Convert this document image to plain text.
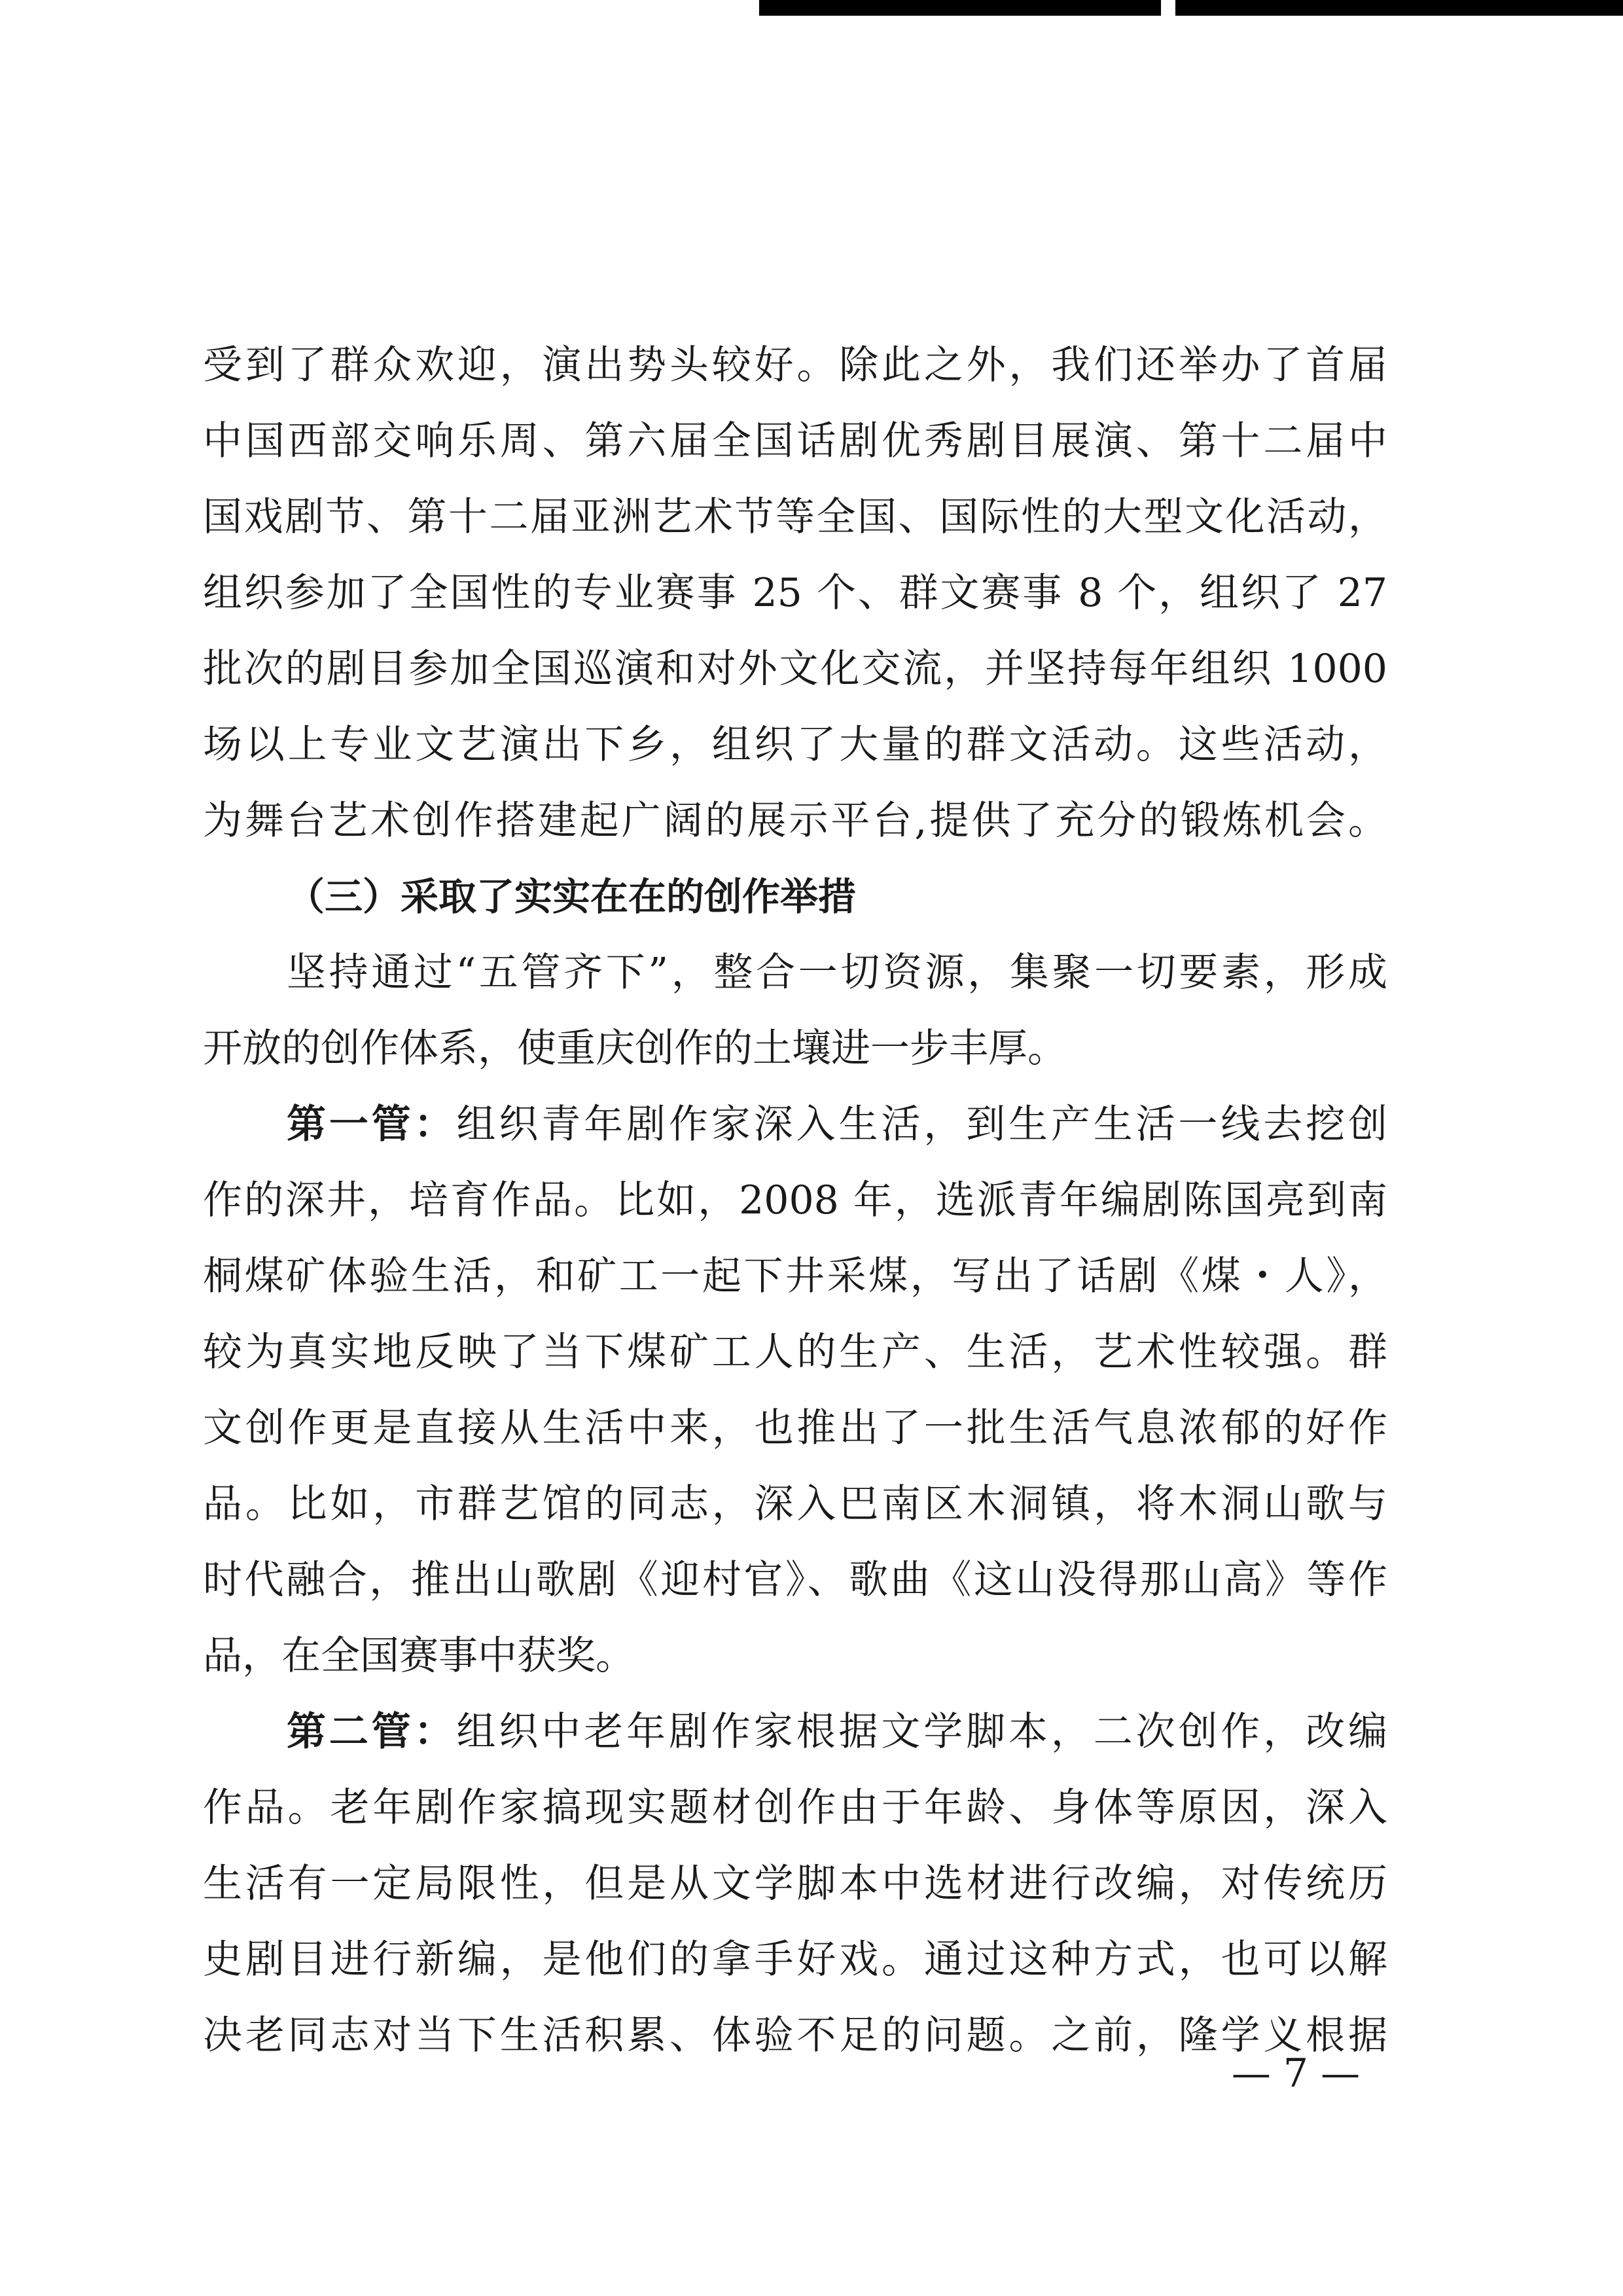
受到了群众欢迎，演出势头较好。除此之外，我们还举办了首届
中国西部交响乐周、第六届全国话剧优秀剧目展演、第十二届中
国戏剧节、第十二届亚洲艺术节等全国、国际性的大型文化活动，
组织参加了全国性的专业赛事 25 个、群文赛事 8 个，组织了 27
批次的剧目参加全国巡演和对外文化交流，并坚持每年组织 1000
场以上专业文艺演出下乡，组织了大量的群文活动。这些活动，
为舞台艺术创作搭建起广阔的展示平台,提供了充分的锻炼机会。
（三）采取了实实在在的创作举措
坚持通过“五管齐下”，整合一切资源，集聚一切要素，形成
开放的创作体系，使重庆创作的土壤进一步丰厚。
第一管：组织青年剧作家深入生活，到生产生活一线去挖创
作的深井，培育作品。比如，2008 年，选派青年编剧陈国亮到南
桐煤矿体验生活，和矿工一起下井采煤，写出了话剧《煤・人》，
较为真实地反映了当下煤矿工人的生产、生活，艺术性较强。群
文创作更是直接从生活中来，也推出了一批生活气息浓郁的好作
品。比如，市群艺馆的同志，深入巴南区木洞镇，将木洞山歌与
时代融合，推出山歌剧《迎村官》、歌曲《这山没得那山高》等作
品，在全国赛事中获奖。
第二管：组织中老年剧作家根据文学脚本，二次创作，改编
作品。老年剧作家搞现实题材创作由于年龄、身体等原因，深入
生活有一定局限性，但是从文学脚本中选材进行改编，对传统历
史剧目进行新编，是他们的拿手好戏。通过这种方式，也可以解
决老同志对当下生活积累、体验不足的问题。之前，隆学义根据
— 7 —
